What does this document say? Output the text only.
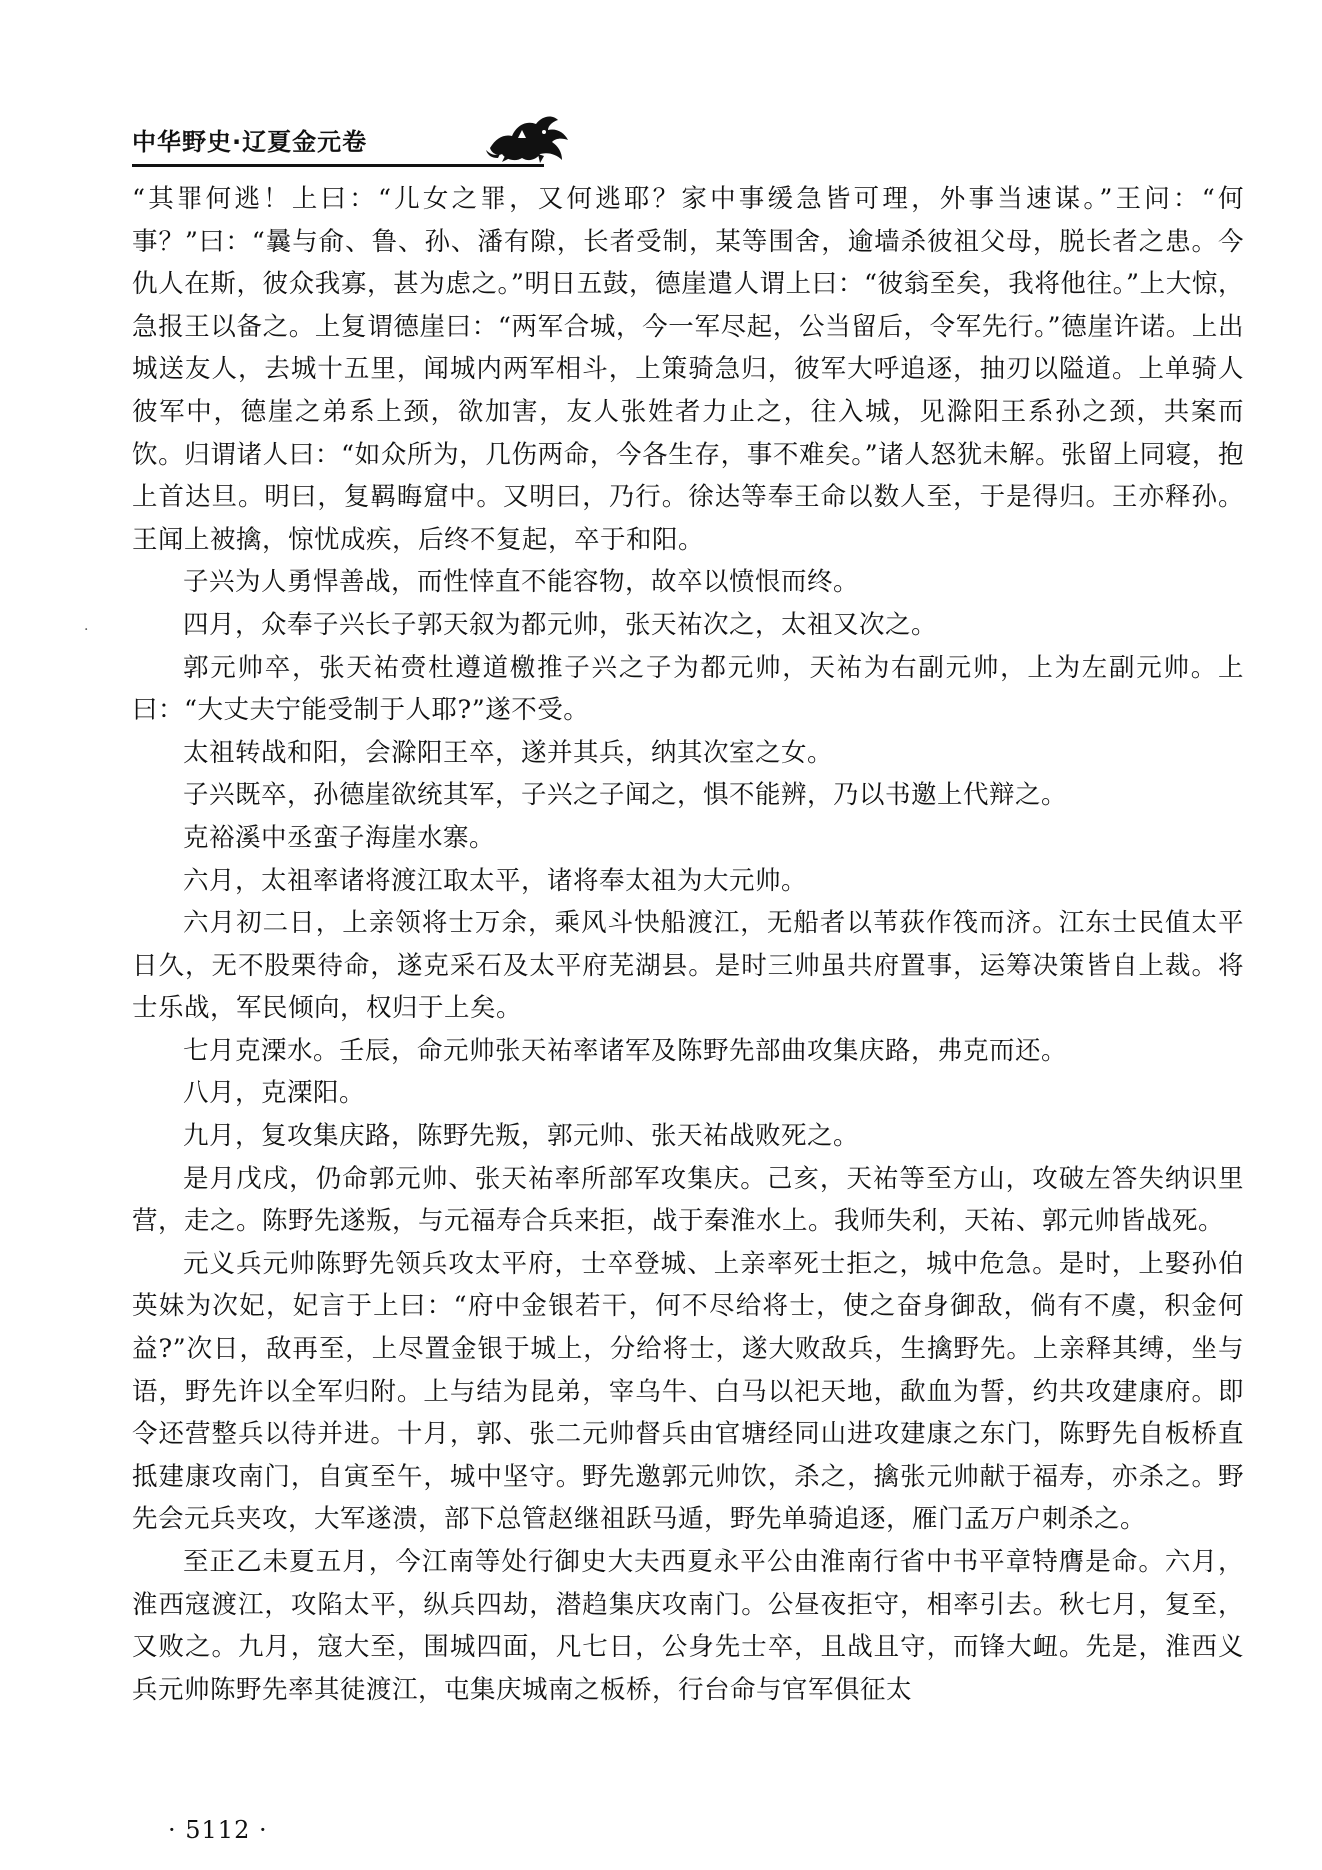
中华野史·辽夏金元卷
·

“其罪何逃！上曰：“儿女之罪，又何逃耶？家中事缓急皆可理，外事当速谋。”王问：“何事？”曰：“曩与俞、鲁、孙、潘有隙，长者受制，某等围舍，逾墙杀彼祖父母，脱长者之患。今仇人在斯，彼众我寡，甚为虑之。”明日五鼓，德崖遣人谓上曰：“彼翁至矣，我将他往。”上大惊，急报王以备之。上复谓德崖曰：“两军合城，今一军尽起，公当留后，令军先行。”德崖许诺。上出城送友人，去城十五里，闻城内两军相斗，上策骑急归，彼军大呼追逐，抽刃以隘道。上单骑人彼军中，德崖之弟系上颈，欲加害，友人张姓者力止之，往入城，见滁阳王系孙之颈，共案而饮。归谓诸人曰：“如众所为，几伤两命，今各生存，事不难矣。”诸人怒犹未解。张留上同寝，抱上首达旦。明曰，复羁晦窟中。又明曰，乃行。徐达等奉王命以数人至，于是得归。王亦释孙。王闻上被擒，惊忧成疾，后终不复起，卒于和阳。

子兴为人勇悍善战，而性悻直不能容物，故卒以愤恨而终。

四月，众奉子兴长子郭天叙为都元帅，张天祐次之，太祖又次之。

郭元帅卒，张天祐赍杜遵道檄推子兴之子为都元帅，天祐为右副元帅，上为左副元帅。上曰：“大丈夫宁能受制于人耶?”遂不受。

太祖转战和阳，会滁阳王卒，遂并其兵，纳其次室之女。

子兴既卒，孙德崖欲统其军，子兴之子闻之，惧不能辨，乃以书邀上代辩之。

克裕溪中丞蛮子海崖水寨。

六月，太祖率诸将渡江取太平，诸将奉太祖为大元帅。

六月初二日，上亲领将士万余，乘风斗快船渡江，无船者以苇荻作筏而济。江东士民值太平日久，无不股栗待命，遂克采石及太平府芜湖县。是时三帅虽共府置事，运筹决策皆自上裁。将士乐战，军民倾向，权归于上矣。

七月克溧水。壬辰，命元帅张天祐率诸军及陈野先部曲攻集庆路，弗克而还。

八月，克溧阳。

九月，复攻集庆路，陈野先叛，郭元帅、张天祐战败死之。

是月戊戌，仍命郭元帅、张天祐率所部军攻集庆。己亥，天祐等至方山，攻破左答失纳识里营，走之。陈野先遂叛，与元福寿合兵来拒，战于秦淮水上。我师失利，天祐、郭元帅皆战死。

元义兵元帅陈野先领兵攻太平府，士卒登城、上亲率死士拒之，城中危急。是时，上娶孙伯英妹为次妃，妃言于上曰：“府中金银若干，何不尽给将士，使之奋身御敌，倘有不虞，积金何益?”次日，敌再至，上尽置金银于城上，分给将士，遂大败敌兵，生擒野先。上亲释其缚，坐与语，野先许以全军归附。上与结为昆弟，宰乌牛、白马以祀天地，歃血为誓，约共攻建康府。即令还营整兵以待并进。十月，郭、张二元帅督兵由官塘经同山进攻建康之东门，陈野先自板桥直抵建康攻南门，自寅至午，城中坚守。野先邀郭元帅饮，杀之，擒张元帅献于福寿，亦杀之。野先会元兵夹攻，大军遂溃，部下总管赵继祖跃马遁，野先单骑追逐，雁门孟万户刺杀之。

至正乙未夏五月，今江南等处行御史大夫西夏永平公由淮南行省中书平章特膺是命。六月，淮西寇渡江，攻陷太平，纵兵四劫，潜趋集庆攻南门。公昼夜拒守，相率引去。秋七月，复至，又败之。九月，寇大至，围城四面，凡七日，公身先士卒，且战且守，而锋大衄。先是，淮西义兵元帅陈野先率其徒渡江，屯集庆城南之板桥，行台命与官军俱征太

· 5112 ·
